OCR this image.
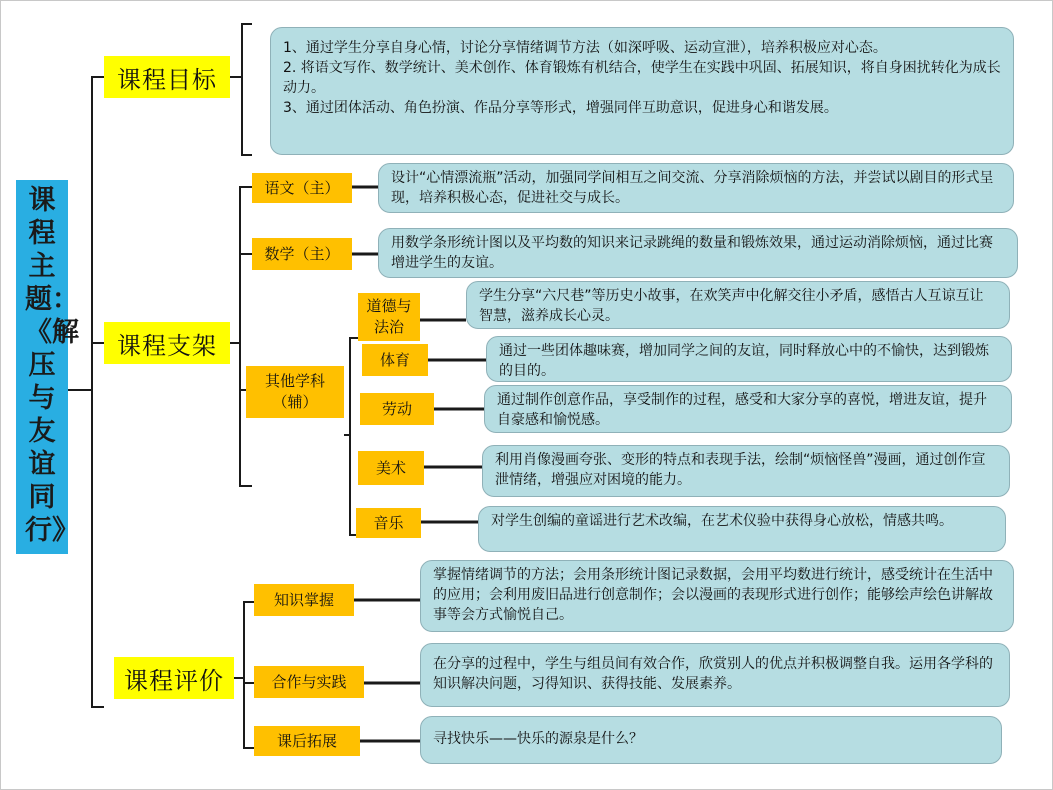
课程主题：《解压与友谊同行》
课程目标

1、通过学生分享自身心情，讨论分享情绪调节方法（如深呼吸、运动宣泄），培养积极应对心态。

2. 将语文写作、数学统计、美术创作、体育锻炼有机结合，使学生在实践中巩固、拓展知识，将自身困扰转化为成长动力。

3、通过团体活动、角色扮演、作品分享等形式，增强同伴互助意识，促进身心和谐发展。

课程支架
语文（主）
设计“心情漂流瓶”活动，加强同学间相互之间交流、分享消除烦恼的方法，并尝试以剧目的形式呈现，培养积极心态，促进社交与成长。
数学（主）
用数学条形统计图以及平均数的知识来记录跳绳的数量和锻炼效果，通过运动消除烦恼，通过比赛增进学生的友谊。
其他学科（辅）
道德与法治
学生分享“六尺巷”等历史小故事，在欢笑声中化解交往小矛盾，感悟古人互谅互让智慧，滋养成长心灵。
体育	通过一些团体趣味赛，增加同学之间的友谊，同时释放心中的不愉快，达到锻炼的目的。
劳动	通过制作创意作品，享受制作的过程，感受和大家分享的喜悦，增进友谊，提升自豪感和愉悦感。
美术	利用肖像漫画夸张、变形的特点和表现手法，绘制“烦恼怪兽”漫画，通过创作宣泄情绪，增强应对困境的能力。
音乐	对学生创编的童谣进行艺术改编，在艺术仪验中获得身心放松，情感共鸣。
课程评价
知识掌握
掌握情绪调节的方法；会用条形统计图记录数据，会用平均数进行统计，感受统计在生活中的应用；会利用废旧品进行创意制作；会以漫画的表现形式进行创作；能够绘声绘色讲解故事等会方式愉悦自己。
合作与实践
在分享的过程中，学生与组员间有效合作，欣赏别人的优点并积极调整自我。运用各学科的知识解决问题，习得知识、获得技能、发展素养。
课后拓展	寻找快乐——快乐的源泉是什么？
